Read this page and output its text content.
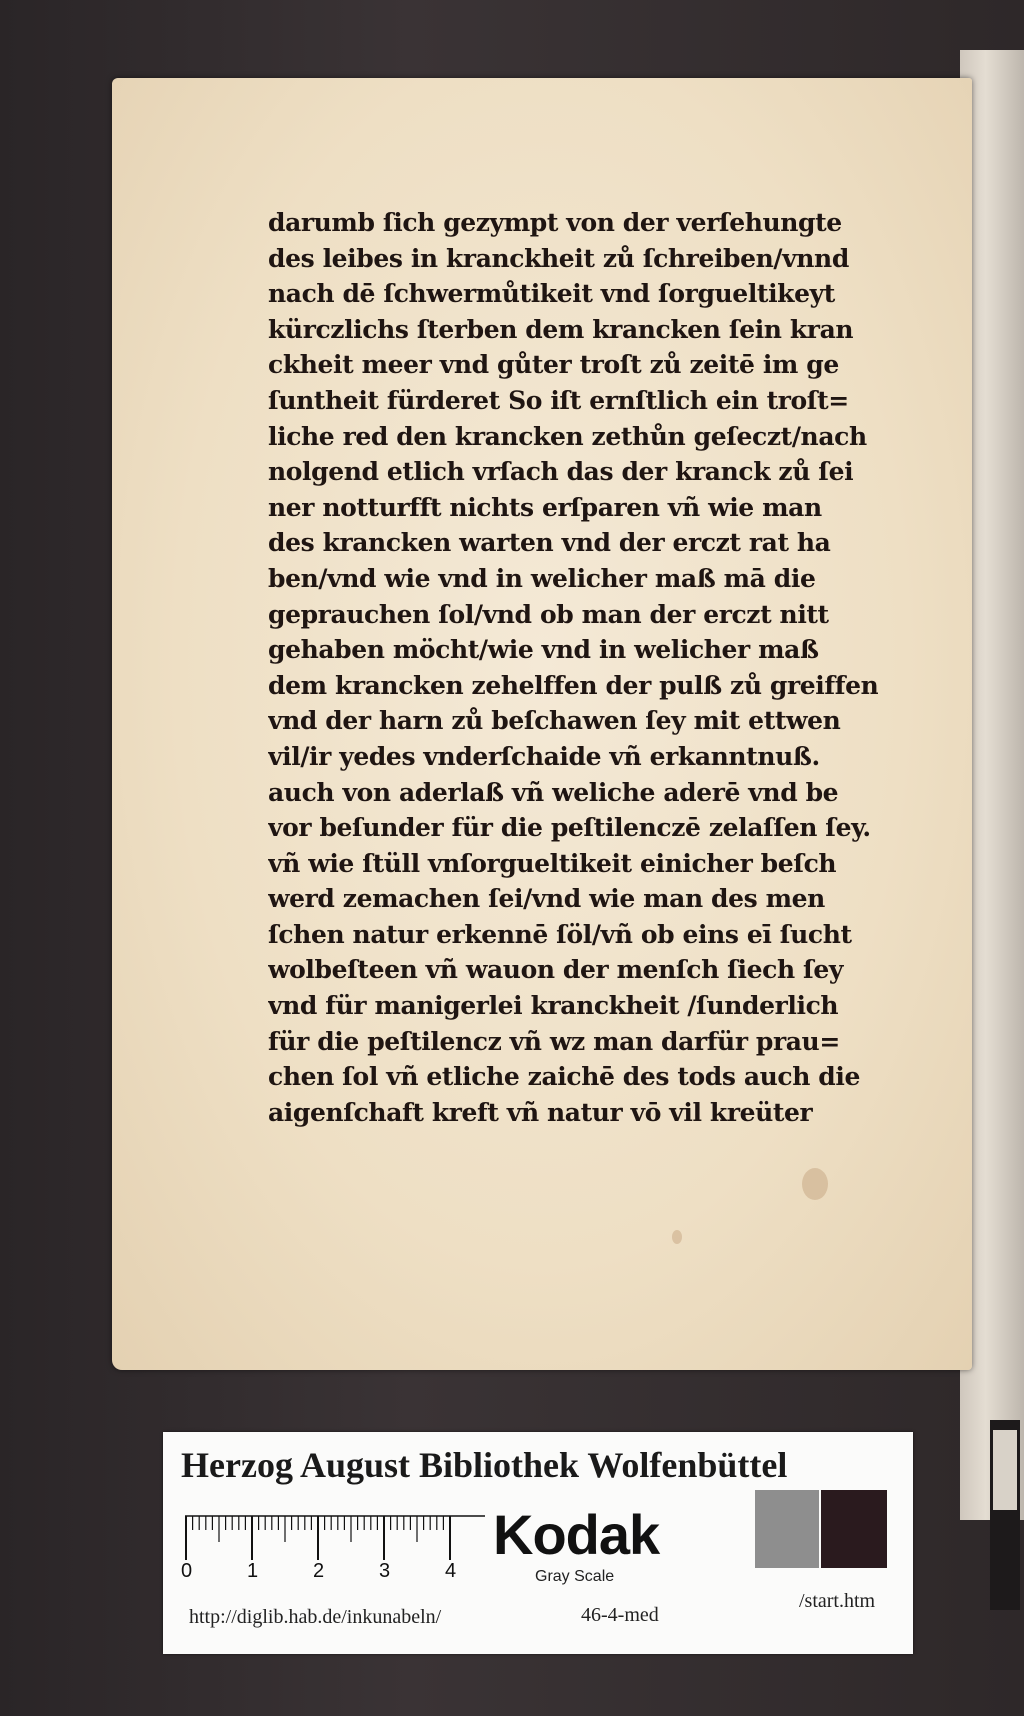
darumb ſich gezympt von der verſehungte
des leibes in kranckheit zů ſchreiben/vnnd
nach dē ſchwermůtikeit vnd ſorgueltikeyt
kürczlichs ſterben dem krancken ſein kran
ckheit meer vnd gůter troſt zů zeitē im ge
ſuntheit fürderet So iſt ernſtlich ein troſt=
liche red den krancken zethůn geſeczt/nach
nolgend etlich vrſach das der kranck zů ſei
ner notturfft nichts erſparen vñ wie man
des krancken warten vnd der erczt rat ha
ben/vnd wie vnd in welicher maß mā die
geprauchen ſol/vnd ob man der erczt nitt
gehaben möcht/wie vnd in welicher maß
dem krancken zehelffen der pulß zů greiffen
vnd der harn zů beſchawen ſey mit ettwen
vil/ir yedes vnderſchaide vñ erkanntnuß.
auch von aderlaß vñ weliche aderē vnd be
vor beſunder für die peſtilenczē zelaſſen ſey.
vñ wie ſtüll vnſorgueltikeit einicher beſch
werd zemachen ſei/vnd wie man des men
ſchen natur erkennē ſöl/vñ ob eins eī ſucht
wolbeſteen vñ wauon der menſch ſiech ſey
vnd für manigerlei kranckheit /ſunderlich
für die peſtilencz vñ wz man darfür prau=
chen ſol vñ etliche zaichē des tods auch die
aigenſchaft kreft vñ natur vō vil kreüter
Herzog August Bibliothek Wolfenbüttel
0	1	2	3	4
Kodak
Gray Scale
http://diglib.hab.de/inkunabeln/	46-4-med
/start.htm
